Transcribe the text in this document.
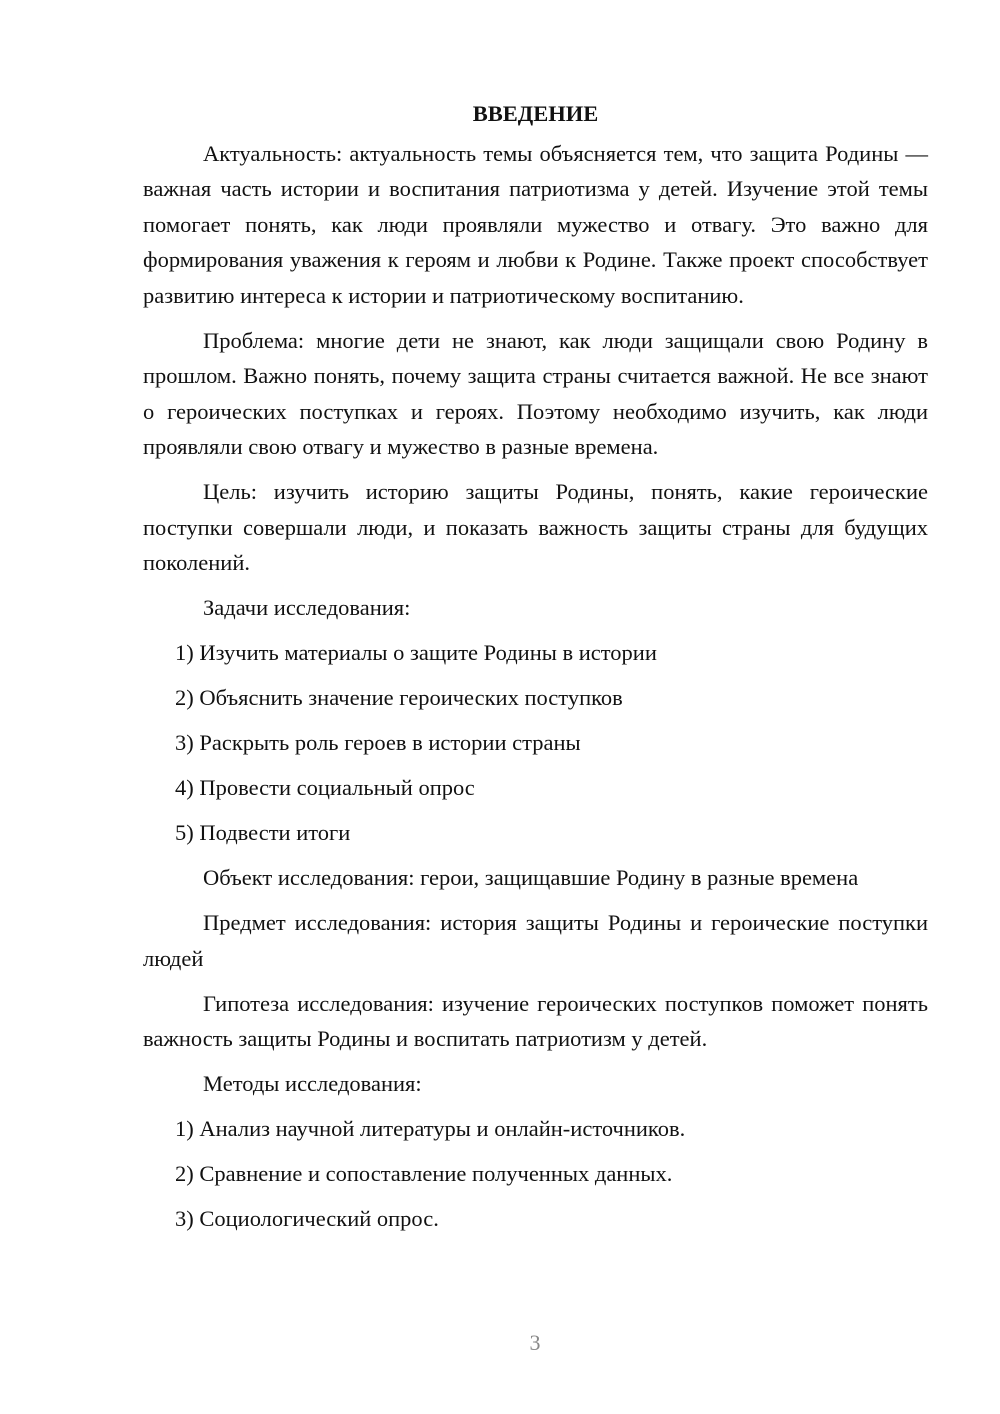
ВВЕДЕНИЕ

Актуальность: актуальность темы объясняется тем, что защита Родины — важная часть истории и воспитания патриотизма у детей. Изучение этой темы помогает понять, как люди проявляли мужество и отвагу. Это важно для формирования уважения к героям и любви к Родине. Также проект способствует развитию интереса к истории и патриотическому воспитанию.

Проблема: многие дети не знают, как люди защищали свою Родину в прошлом. Важно понять, почему защита страны считается важной. Не все знают о героических поступках и героях. Поэтому необходимо изучить, как люди проявляли свою отвагу и мужество в разные времена.

Цель: изучить историю защиты Родины, понять, какие героические поступки совершали люди, и показать важность защиты страны для будущих поколений.

Задачи исследования:
1) Изучить материалы о защите Родины в истории
2) Объяснить значение героических поступков
3) Раскрыть роль героев в истории страны
4) Провести социальный опрос
5) Подвести итоги

Объект исследования: герои, защищавшие Родину в разные времена

Предмет исследования: история защиты Родины и героические поступки людей

Гипотеза исследования: изучение героических поступков поможет понять важность защиты Родины и воспитать патриотизм у детей.

Методы исследования:
1) Анализ научной литературы и онлайн-источников.
2) Сравнение и сопоставление полученных данных.
3) Социологический опрос.
3
